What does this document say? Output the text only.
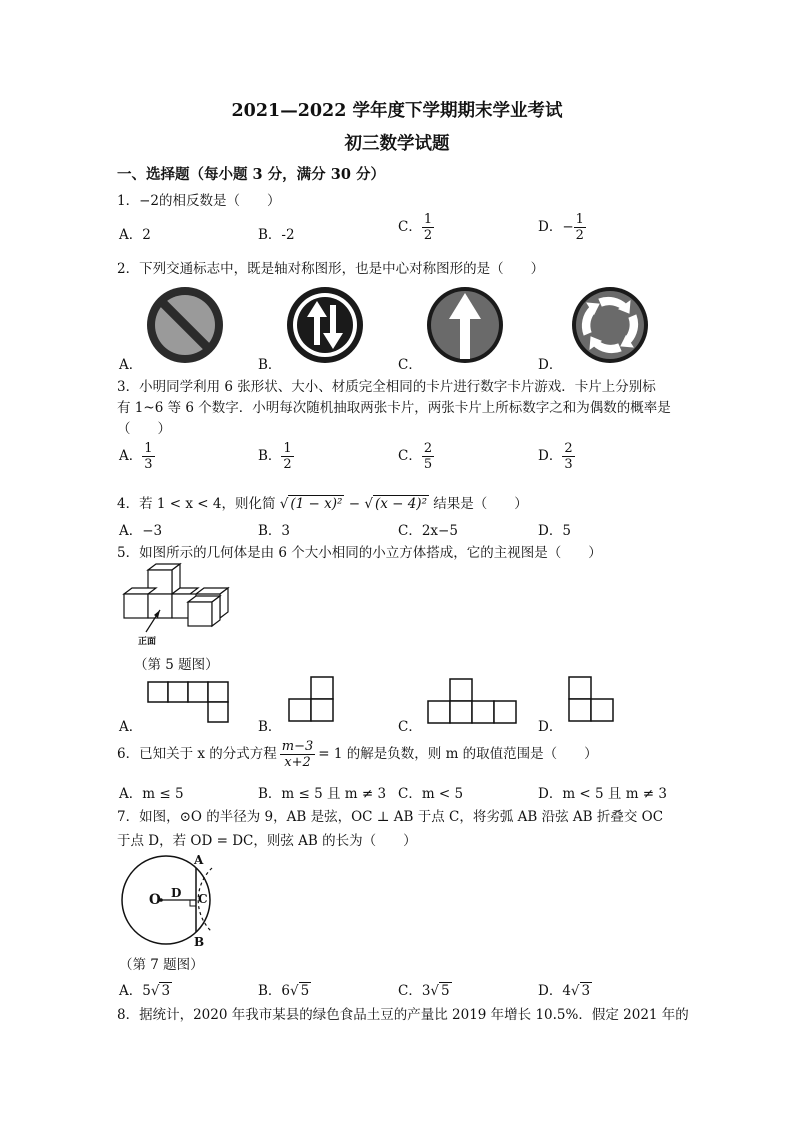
2021—2022 学年度下学期期末学业考试
初三数学试题
一、选择题（每小题 3 分，满分 30 分）
1．−2的相反数是（　　）
A．2	B．-2	C． $\frac{1}{2}$	D．− $\frac{1}{2}$
2．下列交通标志中，既是轴对称图形，也是中心对称图形的是（　　）
A．	B．	C．	D．
3．小明同学利用 6 张形状、大小、材质完全相同的卡片进行数字卡片游戏．卡片上分别标
有 1~6 等 6 个数字．小明每次随机抽取两张卡片，两张卡片上所标数字之和为偶数的概率是
（　　）
A． $\frac{1}{3}$	B． $\frac{1}{2}$	C． $\frac{2}{5}$	D． $\frac{2}{3}$
4．若 1 < x < 4，则化简 √ (1 − x)² − √ (x − 4)² 结果是（　　）
A．−3	B．3	C．2x−5	D．5
5．如图所示的几何体是由 6 个大小相同的小立方体搭成，它的主视图是（　　）
正面
（第 5 题图）
A．	B．	C．	D．
6．已知关于 x 的分式方程 $\frac{m-3}{x+2} = 1$ 的解是负数，则 m 的取值范围是（　　）
A．m ≤ 5	B．m ≤ 5 且 m ≠ 3 C．m < 5	D．m < 5 且 m ≠ 3
7．如图，⊙O 的半径为 9，AB 是弦，OC ⊥ AB 于点 C，将劣弧 AB 沿弦 AB 折叠交 OC
于点 D，若 OD = DC，则弦 AB 的长为（　　）
O D C
A
B
（第 7 题图）
A．5√ 3	B．6√ 5	C．3√ 5	D．4√ 3
8．据统计，2020 年我市某县的绿色食品土豆的产量比 2019 年增长 10.5%．假定 2021 年的
